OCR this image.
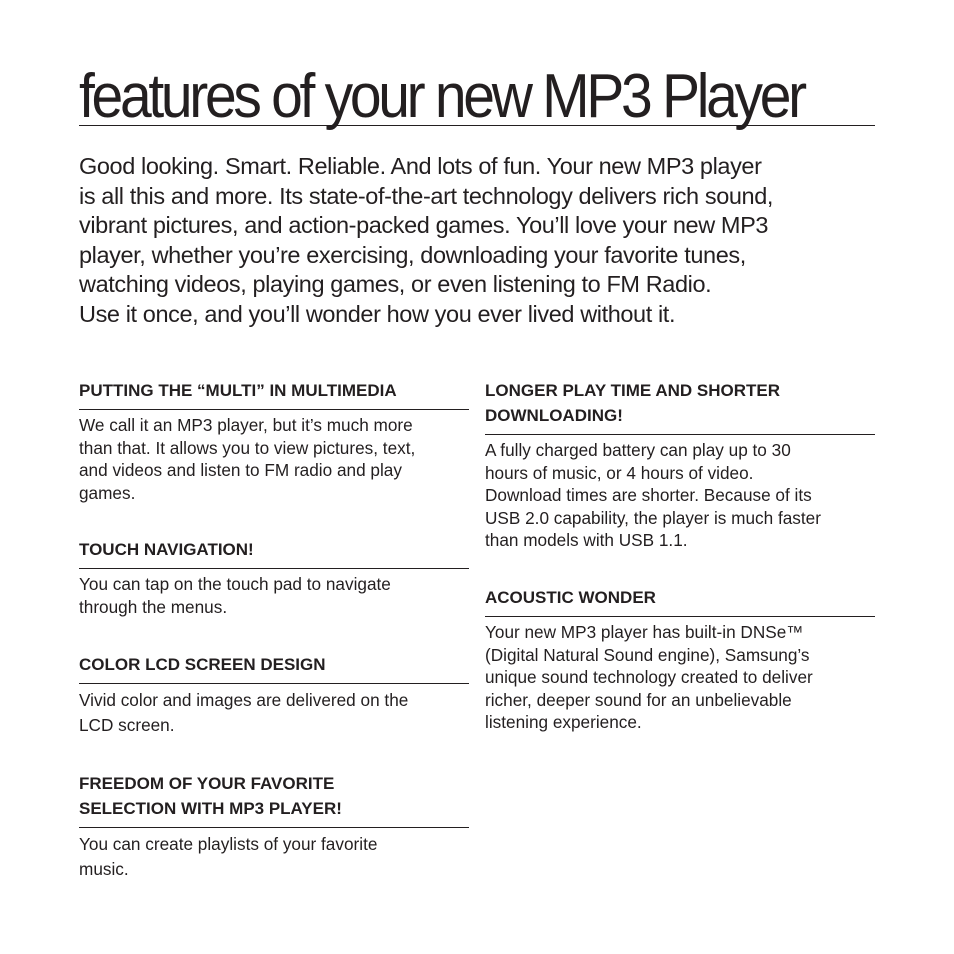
features of your new MP3 Player

Good looking. Smart. Reliable. And lots of fun. Your new MP3 player
is all this and more. Its state-of-the-art technology delivers rich sound,
vibrant pictures, and action-packed games. You’ll love your new MP3
player, whether you’re exercising, downloading your favorite tunes,
watching videos, playing games, or even listening to FM Radio.
Use it once, and you’ll wonder how you ever lived without it.

PUTTING THE “MULTI” IN MULTIMEDIA

We call it an MP3 player, but it’s much more
than that. It allows you to view pictures, text,
and videos and listen to FM radio and play
games.

TOUCH NAVIGATION!

You can tap on the touch pad to navigate
through the menus.

COLOR LCD SCREEN DESIGN

Vivid color and images are delivered on the
LCD screen.

FREEDOM OF YOUR FAVORITE
SELECTION WITH MP3 PLAYER!

You can create playlists of your favorite
music.

LONGER PLAY TIME AND SHORTER
DOWNLOADING!

A fully charged battery can play up to 30
hours of music, or 4 hours of video.
Download times are shorter. Because of its
USB 2.0 capability, the player is much faster
than models with USB 1.1.

ACOUSTIC WONDER

Your new MP3 player has built-in DNSe™
(Digital Natural Sound engine), Samsung’s
unique sound technology created to deliver
richer, deeper sound for an unbelievable
listening experience.
